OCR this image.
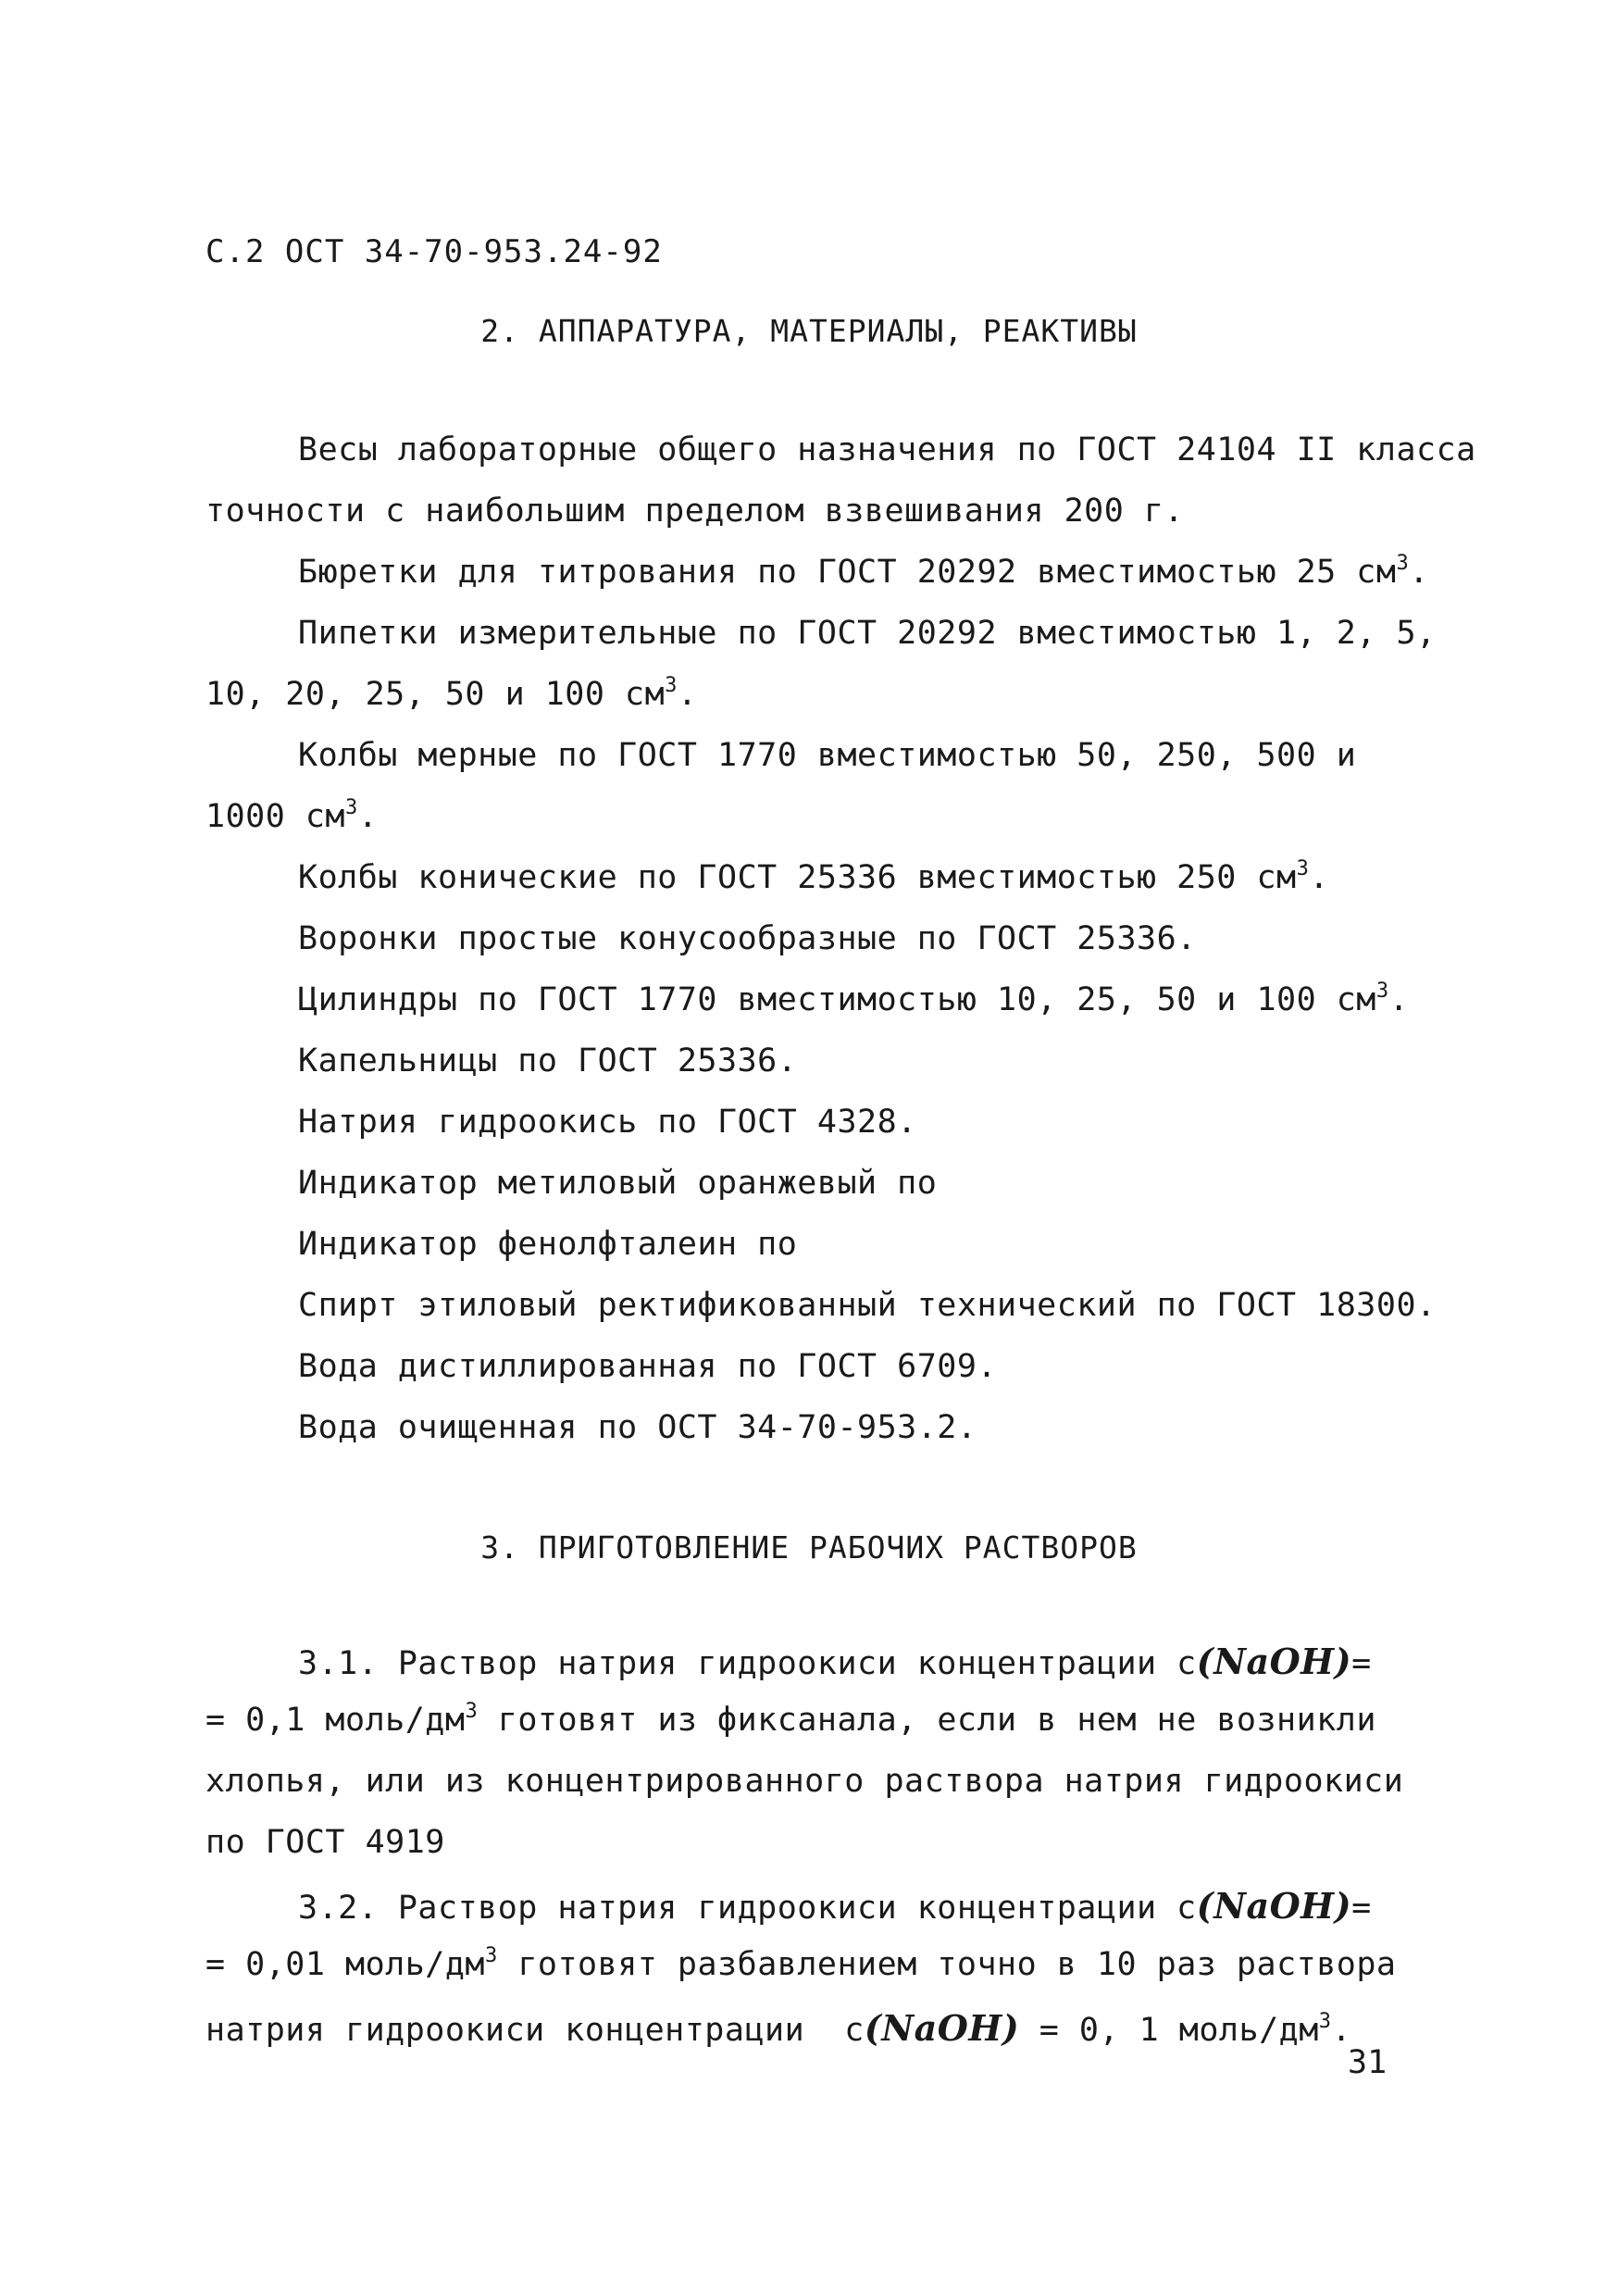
С.2 ОСТ 34-70-953.24-92
2. АППАРАТУРА, МАТЕРИАЛЫ, РЕАКТИВЫ
Весы лабораторные общего назначения по ГОСТ 24104 II класса
точности с наибольшим пределом взвешивания 200 г.
Бюретки для титрования по ГОСТ 20292 вместимостью 25 $см^3$.
Пипетки измерительные по ГОСТ 20292 вместимостью 1, 2, 5,
10, 20, 25, 50 и 100 $см^3$.
Колбы мерные по ГОСТ 1770 вместимостью 50, 250, 500 и
1000 $см^3$.
Колбы конические по ГОСТ 25336 вместимостью 250 $см^3$.
Воронки простые конусообразные по ГОСТ 25336.
Цилиндры по ГОСТ 1770 вместимостью 10, 25, 50 и 100 $см^3$.
Капельницы по ГОСТ 25336.
Натрия гидроокись по ГОСТ 4328.
Индикатор метиловый оранжевый по
Индикатор фенолфталеин по
Спирт этиловый ректификованный технический по ГОСТ 18300.
Вода дистиллированная по ГОСТ 6709.
Вода очищенная по ОСТ 34-70-953.2.
3. ПРИГОТОВЛЕНИЕ РАБОЧИХ РАСТВОРОВ
3.1. Раствор натрия гидроокиси концентрации с(NaOH)=
= 0,1 моль/$дм^3$ готовят из фиксанала, если в нем не возникли
хлопья, или из концентрированного раствора натрия гидроокиси
по ГОСТ 4919
3.2. Раствор натрия гидроокиси концентрации с(NaOH)=
= 0,01 моль/$дм^3$ готовят разбавлением точно в 10 раз раствора
натрия гидроокиси концентрации  с(NaOH) = 0, 1 моль/$дм^3$.
31
